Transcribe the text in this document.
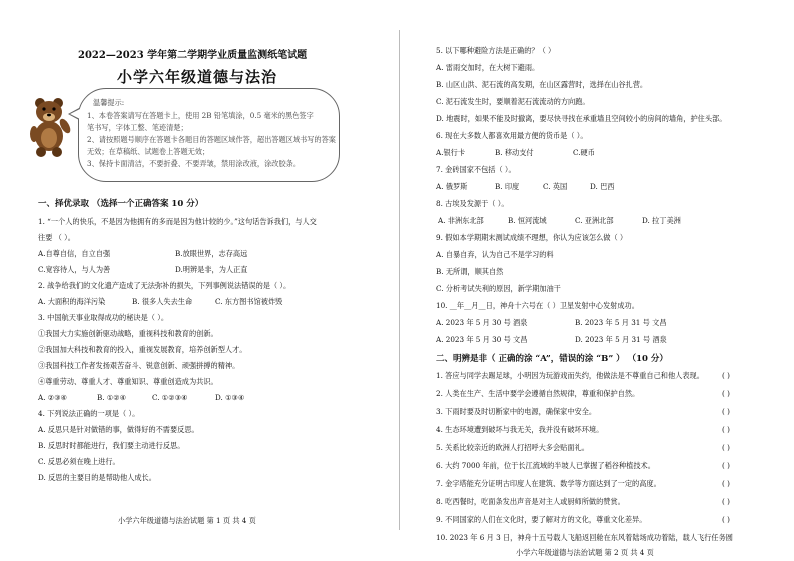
2022—2023 学年第二学期学业质量监测纸笔试题
小学六年级道德与法治
温馨提示:
1、本卷答案请写在答题卡上，使用 2B 铅笔填涂，0.5 毫米的黑色签字
笔书写，字体工整、笔迹清楚；
2、请按照题号顺序在答题卡各题目的答题区域作答，超出答题区域书写的答案
无效；在草稿纸、试题卷上答题无效；
3、保持卡面清洁，不要折叠、不要弄皱，禁用涂改液，涂改胶条。
一、择优录取 （选择一个正确答案 10 分）
1. “一个人的快乐，不是因为他拥有的多而是因为他计较的少。”这句话告诉我们，与人交
往要 （ ）。
A.自尊自信，自立自强	B.放眼世界，志存高远
C.宽容待人，与人为善	D.明辨是非，为人正直
2. 战争给我们的文化遗产造成了无法弥补的损失，下列事例说法错误的是（ ）。
A. 大面积的海洋污染	B. 很多人失去生命	C. 东方图书馆被炸毁
3. 中国航天事业取得成功的秘诀是（ ）。
①我国大力实施创新驱动战略，重视科技和教育的创新。
②我国加大科技和教育的投入，重视发展教育，培养创新型人才。
③我国科技工作者发扬艰苦奋斗、锐意创新、顽强拼搏的精神。
④尊重劳动、尊重人才、尊重知识、尊重创造成为共识。
A. ②③④	B. ①②④	C. ①②③④	D. ①③④
4. 下列说法正确的一项是（ ）。
A. 反思只是针对做错的事，做得好的不需要反思。
B. 反思时时都能进行，我们要主动进行反思。
C. 反思必须在晚上进行。
D. 反思的主要目的是帮助他人成长。
小学六年级道德与法治试题 第 1 页 共 4 页
5. 以下哪种避险方法是正确的？（ ）
A. 雷雨交加时，在大树下避雨。
B. 山区山洪、泥石流的高发期，在山区露营时，选择在山谷扎营。
C. 泥石流发生时，要顺着泥石流流动的方向跑。
D. 地震时，如果不能及时撤离，要尽快寻找在承重墙且空间较小的房间的墙角，护住头部。
6. 现在大多数人都喜欢用最方便的货币是（ ）。
A.银行卡	B. 移动支付	C.硬币
7. 金砖国家不包括（ ）。
A. 俄罗斯	B. 印度	C. 英国	D. 巴西
8. 古埃及发源于（ ）。
A. 非洲东北部	B. 恒河流域	C. 亚洲北部	D. 拉丁美洲
9. 假如本学期期末测试成绩不理想，你认为应该怎么做（ ）
A. 自暴自弃，认为自己不是学习的料
B. 无所谓，顺其自然
C. 分析考试失利的原因，新学期加油干
10. __年__月__日，神舟十六号在（ ）卫星发射中心发射成功。
A. 2023 年 5 月 30 号 酒泉	B. 2023 年 5 月 31 号 文昌
A. 2023 年 5 月 30 号 文昌	D. 2023 年 5 月 31 号 酒泉
二、明辨是非（ 正确的涂 “A”，错误的涂 “B” ） （10 分）
1. 答应与同学去踢足球，小明因为玩游戏而失约，他做法是不尊重自己和他人表现。
2. 人类在生产、生活中要学会遵循自然规律，尊重和保护自然。
3. 下雨时要及时切断家中的电源，确保家中安全。
4. 生态环境遭到破坏与我无关，我并没有破坏环境。
5. 关系比较亲近的欧洲人打招呼大多会贴面礼。
6. 大约 7000 年前，位于长江流域的半坡人已掌握了稻谷种植技术。
7. 金字塔能充分证明古印度人在建筑、数学等方面达到了一定的高度。
8. 吃西餐时，吃面条发出声音是对主人或厨师所做的赞赏。
9. 不同国家的人们在文化时，要了解对方的文化，尊重文化差异。
10. 2023 年 6 月 3 日，神舟十五号载人飞船返回舱在东风着陆场成功着陆，载人飞行任务圆
( )
( )
( )
( )
( )
( )
( )
( )
( )
小学六年级道德与法治试题 第 2 页 共 4 页
